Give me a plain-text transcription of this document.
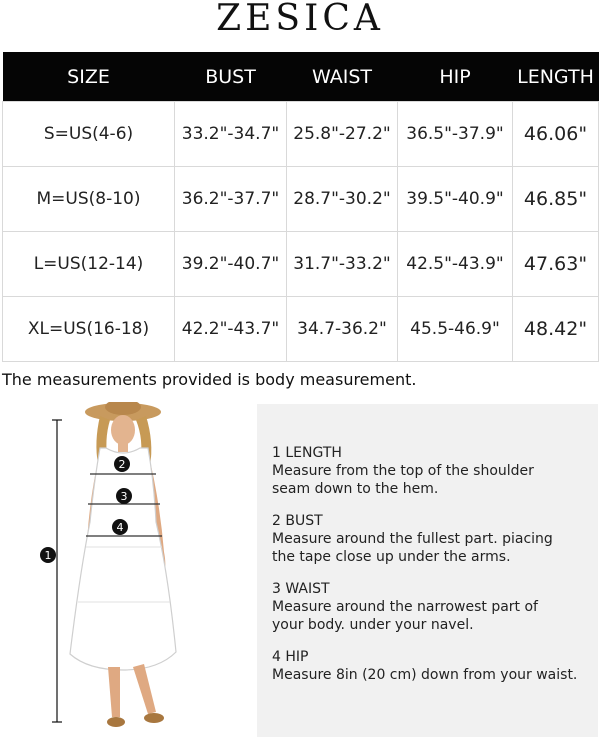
ZESICA
SIZE	BUST	WAIST	HIP	LENGTH
S=US(4-6)	33.2"-34.7"	25.8"-27.2"	36.5"-37.9"	46.06"
M=US(8-10)	36.2"-37.7"	28.7"-30.2"	39.5"-40.9"	46.85"
L=US(12-14)	39.2"-40.7"	31.7"-33.2"	42.5"-43.9"	47.63"
XL=US(16-18)	42.2"-43.7"	34.7-36.2"	45.5-46.9"	48.42"
The measurements provided is body measurement.
1
2
3
4
1 LENGTH
Measure from the top of the shoulder
seam down to the hem.
2 BUST
Measure around the fullest part. piacing
the tape close up under the arms.
3 WAIST
Measure around the narrowest part of
your body. under your navel.
4 HIP
Measure 8in (20 cm) down from your waist.
